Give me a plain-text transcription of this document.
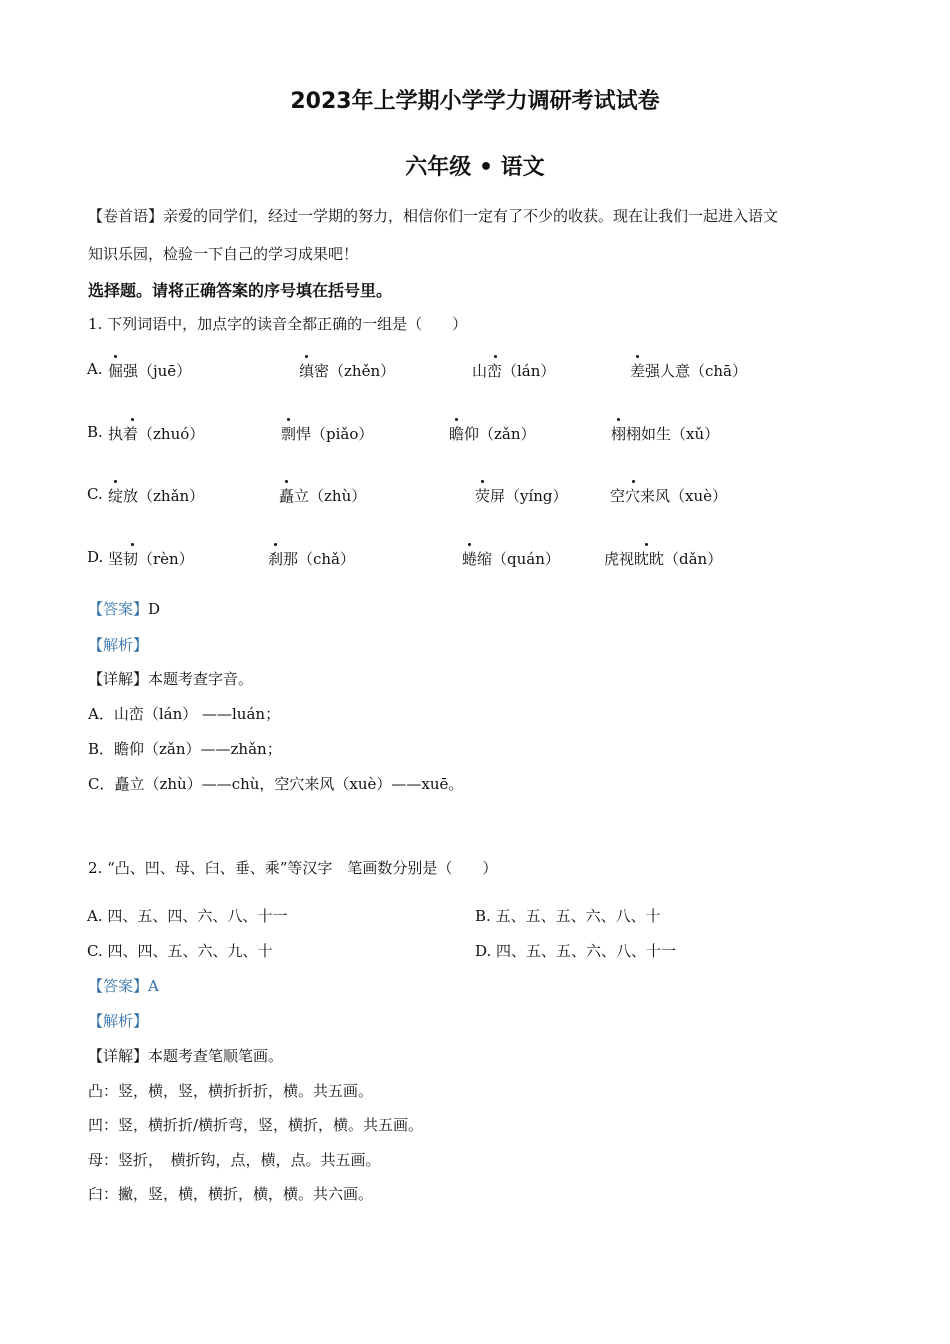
2023年上学期小学学力调研考试试卷
六年级 • 语文
【卷首语】亲爱的同学们，经过一学期的努力，相信你们一定有了不少的收获。现在让我们一起进入语文
知识乐园，检验一下自己的学习成果吧！
选择题。请将正确答案的序号填在括号里。
1. 下列词语中，加点字的读音全都正确的一组是（　　）
A. 倔强（juē）	缜密（zhěn）	山峦（lán）	差强人意（chā）
B. 执着（zhuó）	剽悍（piǎo）	瞻仰（zǎn）	栩栩如生（xǔ）
C. 绽放（zhǎn）	矗立（zhù）	荧屏（yíng）	空穴来风（xuè）
D. 坚韧（rèn）	刹那（chǎ）	蜷缩（quán）	虎视眈眈（dǎn）
【答案】D
【解析】
【详解】本题考查字音。
A．山峦（lán） ——luán；
B．瞻仰（zǎn）——zhǎn；
C．矗立（zhù）——chù，空穴来风（xuè）——xuē。
2. “凸、凹、母、臼、垂、乘”等汉字　笔画数分别是（　　）
A. 四、五、四、六、八、十一	B. 五、五、五、六、八、十
C. 四、四、五、六、九、十	D. 四、五、五、六、八、十一
【答案】A
【解析】
【详解】本题考查笔顺笔画。
凸：竖，横，竖，横折折折，横。共五画。
凹：竖，横折折/横折弯，竖，横折，横。共五画。
母：竖折，　横折钩，点，横，点。共五画。
臼：撇，竖，横，横折，横，横。共六画。
